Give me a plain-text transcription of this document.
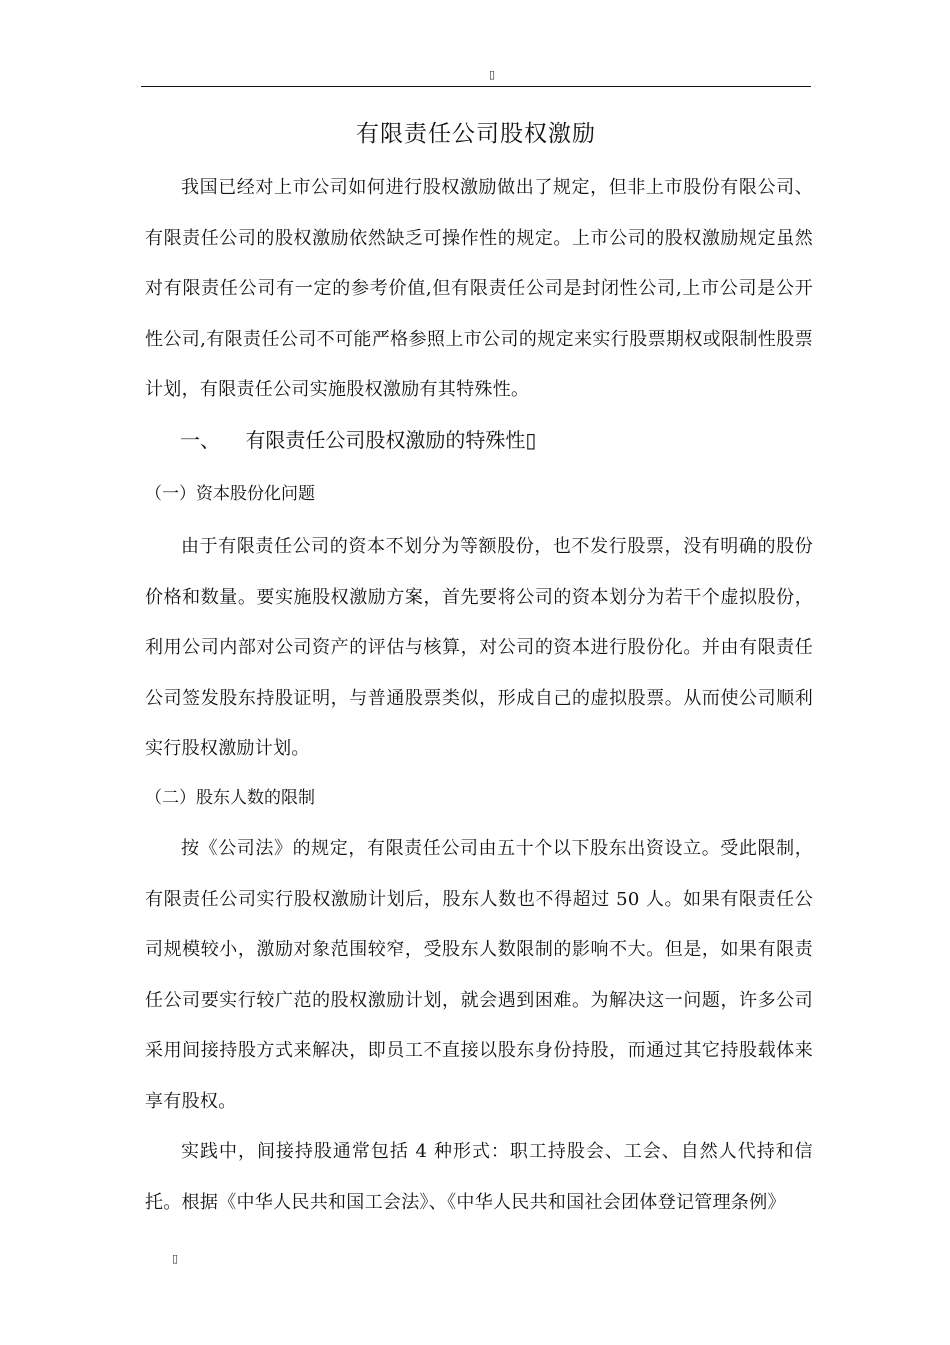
▯
有限责任公司股权激励

我国已经对上市公司如何进行股权激励做出了规定，但非上市股份有限公司、有限责任公司的股权激励依然缺乏可操作性的规定。上市公司的股权激励规定虽然对有限责任公司有一定的参考价值,但有限责任公司是封闭性公司,上市公司是公开性公司,有限责任公司不可能严格参照上市公司的规定来实行股票期权或限制性股票计划，有限责任公司实施股权激励有其特殊性。

一、 有限责任公司股权激励的特殊性▯
（一）资本股份化问题

由于有限责任公司的资本不划分为等额股份，也不发行股票，没有明确的股份价格和数量。要实施股权激励方案，首先要将公司的资本划分为若干个虚拟股份，利用公司内部对公司资产的评估与核算，对公司的资本进行股份化。并由有限责任公司签发股东持股证明，与普通股票类似，形成自己的虚拟股票。从而使公司顺利实行股权激励计划。

（二）股东人数的限制

按《公司法》的规定，有限责任公司由五十个以下股东出资设立。受此限制，有限责任公司实行股权激励计划后，股东人数也不得超过 50 人。如果有限责任公司规模较小，激励对象范围较窄，受股东人数限制的影响不大。但是，如果有限责任公司要实行较广范的股权激励计划，就会遇到困难。为解决这一问题，许多公司采用间接持股方式来解决，即员工不直接以股东身份持股，而通过其它持股载体来享有股权。

实践中，间接持股通常包括 4 种形式：职工持股会、工会、自然人代持和信托。根据《中华人民共和国工会法》、《中华人民共和国社会团体登记管理条例》

▯
